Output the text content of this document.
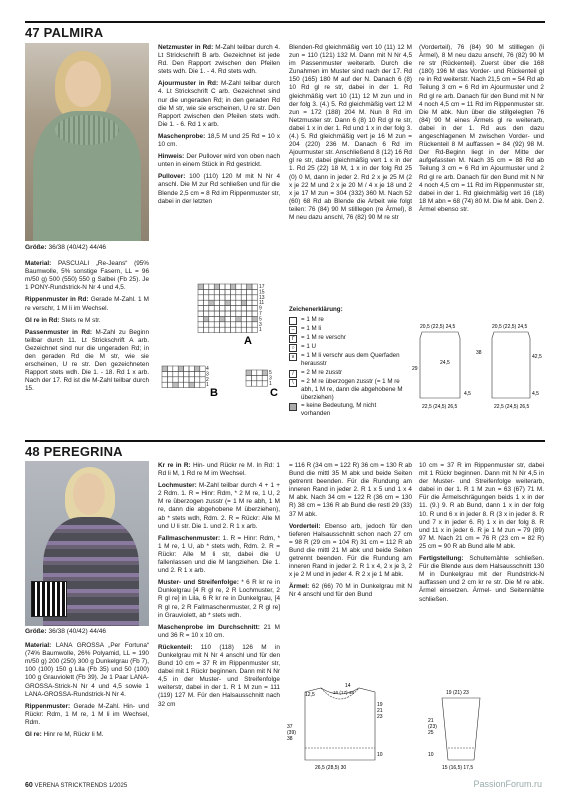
47 PALMIRA

Größe: 36/38 (40/42) 44/46

Material: PASCUALI „Re-Jeans“ (95% Baumwolle, 5% sonstige Fasern, LL = 96 m/50 g) 500 (550) 550 g Salbei (Fb 25). Je 1 PONY-Rundstrick-N Nr 4 und 4,5.

Rippenmuster in Rd: Gerade M-Zahl. 1 M re verschr, 1 M li im Wechsel.

Gl re in Rd: Stets re M str.

Passenmuster in Rd: M-Zahl zu Beginn teilbar durch 11. Lt Strickschrift A arb. Gezeichnet sind nur die ungeraden Rd; in den geraden Rd die M str, wie sie erscheinen, U re str. Den gezeichneten Rapport stets wdh. Die 1. - 18. Rd 1 x arb. Nach der 17. Rd ist die M-Zahl teilbar durch 15.

Netzmuster in Rd: M-Zahl teilbar durch 4. Lt Strickschrift B arb. Gezeichnet ist jede Rd. Den Rapport zwischen den Pfeilen stets wdh. Die 1. - 4. Rd stets wdh.

Ajourmuster in Rd: M-Zahl teilbar durch 4. Lt Strickschrift C arb. Gezeichnet sind nur die ungeraden Rd; in den geraden Rd die M str, wie sie erscheinen, U re str. Den Rapport zwischen den Pfeilen stets wdh. Die 1. - 6. Rd 1 x arb.

Maschenprobe: 18,5 M und 25 Rd = 10 x 10 cm.

Hinweis: Der Pullover wird von oben nach unten in einem Stück in Rd gestrickt.

Pullover: 100 (110) 120 M mit N Nr 4 anschl. Die M zur Rd schließen und für die Blende 2,5 cm = 8 Rd im Rippenmuster str, dabei in der letzten

A
B	C
17
15
13
11
9
7
5
3
1
4
3
2
1
5
3
1

Blenden-Rd gleichmäßig vert 10 (11) 12 M zun = 110 (121) 132 M. Dann mit N Nr 4,5 im Passenmuster weiterarb. Durch die Zunahmen im Muster sind nach der 17. Rd 150 (165) 180 M auf der N. Danach 6 (8) 10 Rd gl re str, dabei in der 1. Rd gleichmäßig vert 10 (11) 12 M zun und in der folg 3. (4.) 5. Rd gleichmäßig vert 12 M zun = 172 (188) 204 M. Nun 8 Rd im Netzmuster str. Dann 6 (8) 10 Rd gl re str, dabei 1 x in der 1. Rd und 1 x in der folg 3. (4.) 5. Rd gleichmäßig vert je 16 M zun = 204 (220) 236 M. Danach 6 Rd im Ajourmuster str. Anschließend 8 (12) 16 Rd gl re str, dabei gleichmäßig vert 1 x in der 1. Rd 25 (22) 18 M, 1 x in der folg Rd 25 (0) 0 M, dann in jeder 2. Rd 2 x je 25 M (2 x je 22 M und 2 x je 20 M / 4 x je 18 und 2 x je 17 M zun = 304 (332) 360 M. Nach 52 (60) 68 Rd ab Blende die Arbeit wie folgt teilen: 76 (84) 90 M stilllegen (re Ärmel), 8 M neu dazu anschl, 76 (82) 90 M re str

(Vorderteil), 76 (84) 90 M stilllegen (li Ärmel), 8 M neu dazu anschl, 76 (82) 90 M re str (Rückenteil). Zuerst über die 168 (180) 196 M das Vorder- und Rückenteil gl re in Rd weiterstr. Nach 21,5 cm = 54 Rd ab Teilung 3 cm = 6 Rd im Ajourmuster und 2 Rd gl re arb. Danach für den Bund mit N Nr 4 noch 4,5 cm = 11 Rd im Rippenmuster str. Die M abk. Nun über die stillgelegten 76 (84) 90 M eines Ärmels gl re weiterarb, dabei in der 1. Rd aus den dazu angeschlagenen M zwischen Vorder- und Rückenteil 8 M auffassen = 84 (92) 98 M. Der Rd-Beginn liegt in der Mitte der aufgefassten M. Nach 35 cm = 88 Rd ab Teilung 3 cm = 6 Rd im Ajourmuster und 2 Rd gl re arb. Danach für den Bund mit N Nr 4 noch 4,5 cm = 11 Rd im Rippenmuster str, dabei in der 1. Rd gleichmäßig vert 16 (18) 18 M abn = 68 (74) 80 M. Die M abk. Den 2. Ärmel ebenso str.

Zeichenerklärung:
= 1 M re
–	= 1 M li
ᒥ	= 1 M re verschr
○	= 1 U
∨ = 1 M li verschr aus dem Querfaden herausstr
/	= 2 M re zusstr
\	= 2 M re überzogen zusstr (= 1 M re abh, 1 M re, dann die abgehobene M überziehen)
= keine Bedeutung, M nicht vorhanden
20,5 (22,5) 24,5	20,5 (22,5) 24,5
24,5
29
38
42,5
4,5	4,5
22,5 (24,5) 26,5	22,5 (24,5) 26,5
48 PEREGRINA

Größe: 36/38 (40/42) 44/46

Material: LANA GROSSA „Per Fortuna“ (74% Baumwolle, 26% Polyamid, LL = 190 m/50 g) 200 (250) 300 g Dunkelgrau (Fb 7), 100 (100) 150 g Lila (Fb 35) und 50 (100) 100 g Grauviolett (Fb 39). Je 1 Paar LANA-GROSSA-Strick-N Nr 4 und 4,5 sowie 1 LANA-GROSSA-Rundstrick-N Nr 4.

Rippenmuster: Gerade M-Zahl. Hin- und Rückr: Rdm, 1 M re, 1 M li im Wechsel, Rdm.

Gl re: Hinr re M, Rückr li M.

Kr re in R: Hin- und Rückr re M. In Rd: 1 Rd li M, 1 Rd re M im Wechsel.

Lochmuster: M-Zahl teilbar durch 4 + 1 + 2 Rdm. 1. R = Hinr: Rdm, * 2 M re, 1 U, 2 M re überzogen zusstr (= 1 M re abh, 1 M re, dann die abgehobene M überziehen), ab * stets wdh, Rdm. 2. R = Rückr: Alle M und U li str. Die 1. und 2. R 1 x arb.

Fallmaschenmuster: 1. R = Hinr: Rdm, * 1 M re, 1 U, ab * stets wdh, Rdm. 2. R = Rückr: Alle M li str, dabei die U fallenlassen und die M langziehen. Die 1. und 2. R 1 x arb.

Muster- und Streifenfolge: * 6 R kr re in Dunkelgrau [4 R gl re, 2 R Lochmuster, 2 R gl re] in Lila, 6 R kr re in Dunkelgrau, [4 R gl re, 2 R Fallmaschenmuster, 2 R gl re] in Grauviolett, ab * stets wdh.

Maschenprobe im Durchschnitt: 21 M und 36 R = 10 x 10 cm.

Rückenteil: 110 (118) 126 M in Dunkelgrau mit N Nr 4 anschl und für den Bund 10 cm = 37 R im Rippenmuster str, dabei mit 1 Rückr beginnen. Dann mit N Nr 4,5 in der Muster- und Streifenfolge weiterstr, dabei in der 1. R 1 M zun = 111 (119) 127 M. Für den Halsausschnitt nach 32 cm

= 116 R (34 cm = 122 R) 36 cm = 130 R ab Bund die mittl 35 M abk und beide Seiten getrennt beenden. Für die Rundung am inneren Rand in jeder 2. R 1 x 5 und 1 x 4 M abk. Nach 34 cm = 122 R (36 cm = 130 R) 38 cm = 136 R ab Bund die restl 29 (33) 37 M abk.

Vorderteil: Ebenso arb, jedoch für den tieferen Halsausschnitt schon nach 27 cm = 98 R (29 cm = 104 R) 31 cm = 112 R ab Bund die mittl 21 M abk und beide Seiten getrennt beenden. Für die Rundung am inneren Rand in jeder 2. R 1 x 4, 2 x je 3, 2 x je 2 M und in jeder 4. R 2 x je 1 M abk.

Ärmel: 62 (66) 70 M in Dunkelgrau mit N Nr 4 anschl und für den Bund

10 cm = 37 R im Rippenmuster str, dabei mit 1 Rückr beginnen. Dann mit N Nr 4,5 in der Muster- und Streifenfolge weiterarb, dabei in der 1. R 1 M zun = 63 (67) 71 M. Für die Ärmelschrägungen beids 1 x in der 11. (9.) 9. R ab Bund, dann 1 x in der folg 10. R und 6 x in jeder 8. R (3 x in jeder 8. R und 7 x in jeder 6. R) 1 x in der folg 8. R und 11 x in jeder 6. R je 1 M zun = 79 (89) 97 M. Nach 21 cm = 76 R (23 cm = 82 R) 25 cm = 90 R ab Bund alle M abk.

Fertigstellung: Schulternähte schließen. Für die Blende aus dem Halsausschnitt 130 M in Dunkelgrau mit der Rundstrick-N auffassen und 2 cm kr re str. Die M re abk. Ärmel einsetzen. Ärmel- und Seitennähte schließen.

14
16 (17) 18
12,5
19
21
23
37
(39)
38
10
26,5 (28,5) 30
19 (21) 23
21
(23)
25
10
15 (16,5) 17,5
60 VERENA STRICKTRENDS 1/2025	PassionForum.ru
